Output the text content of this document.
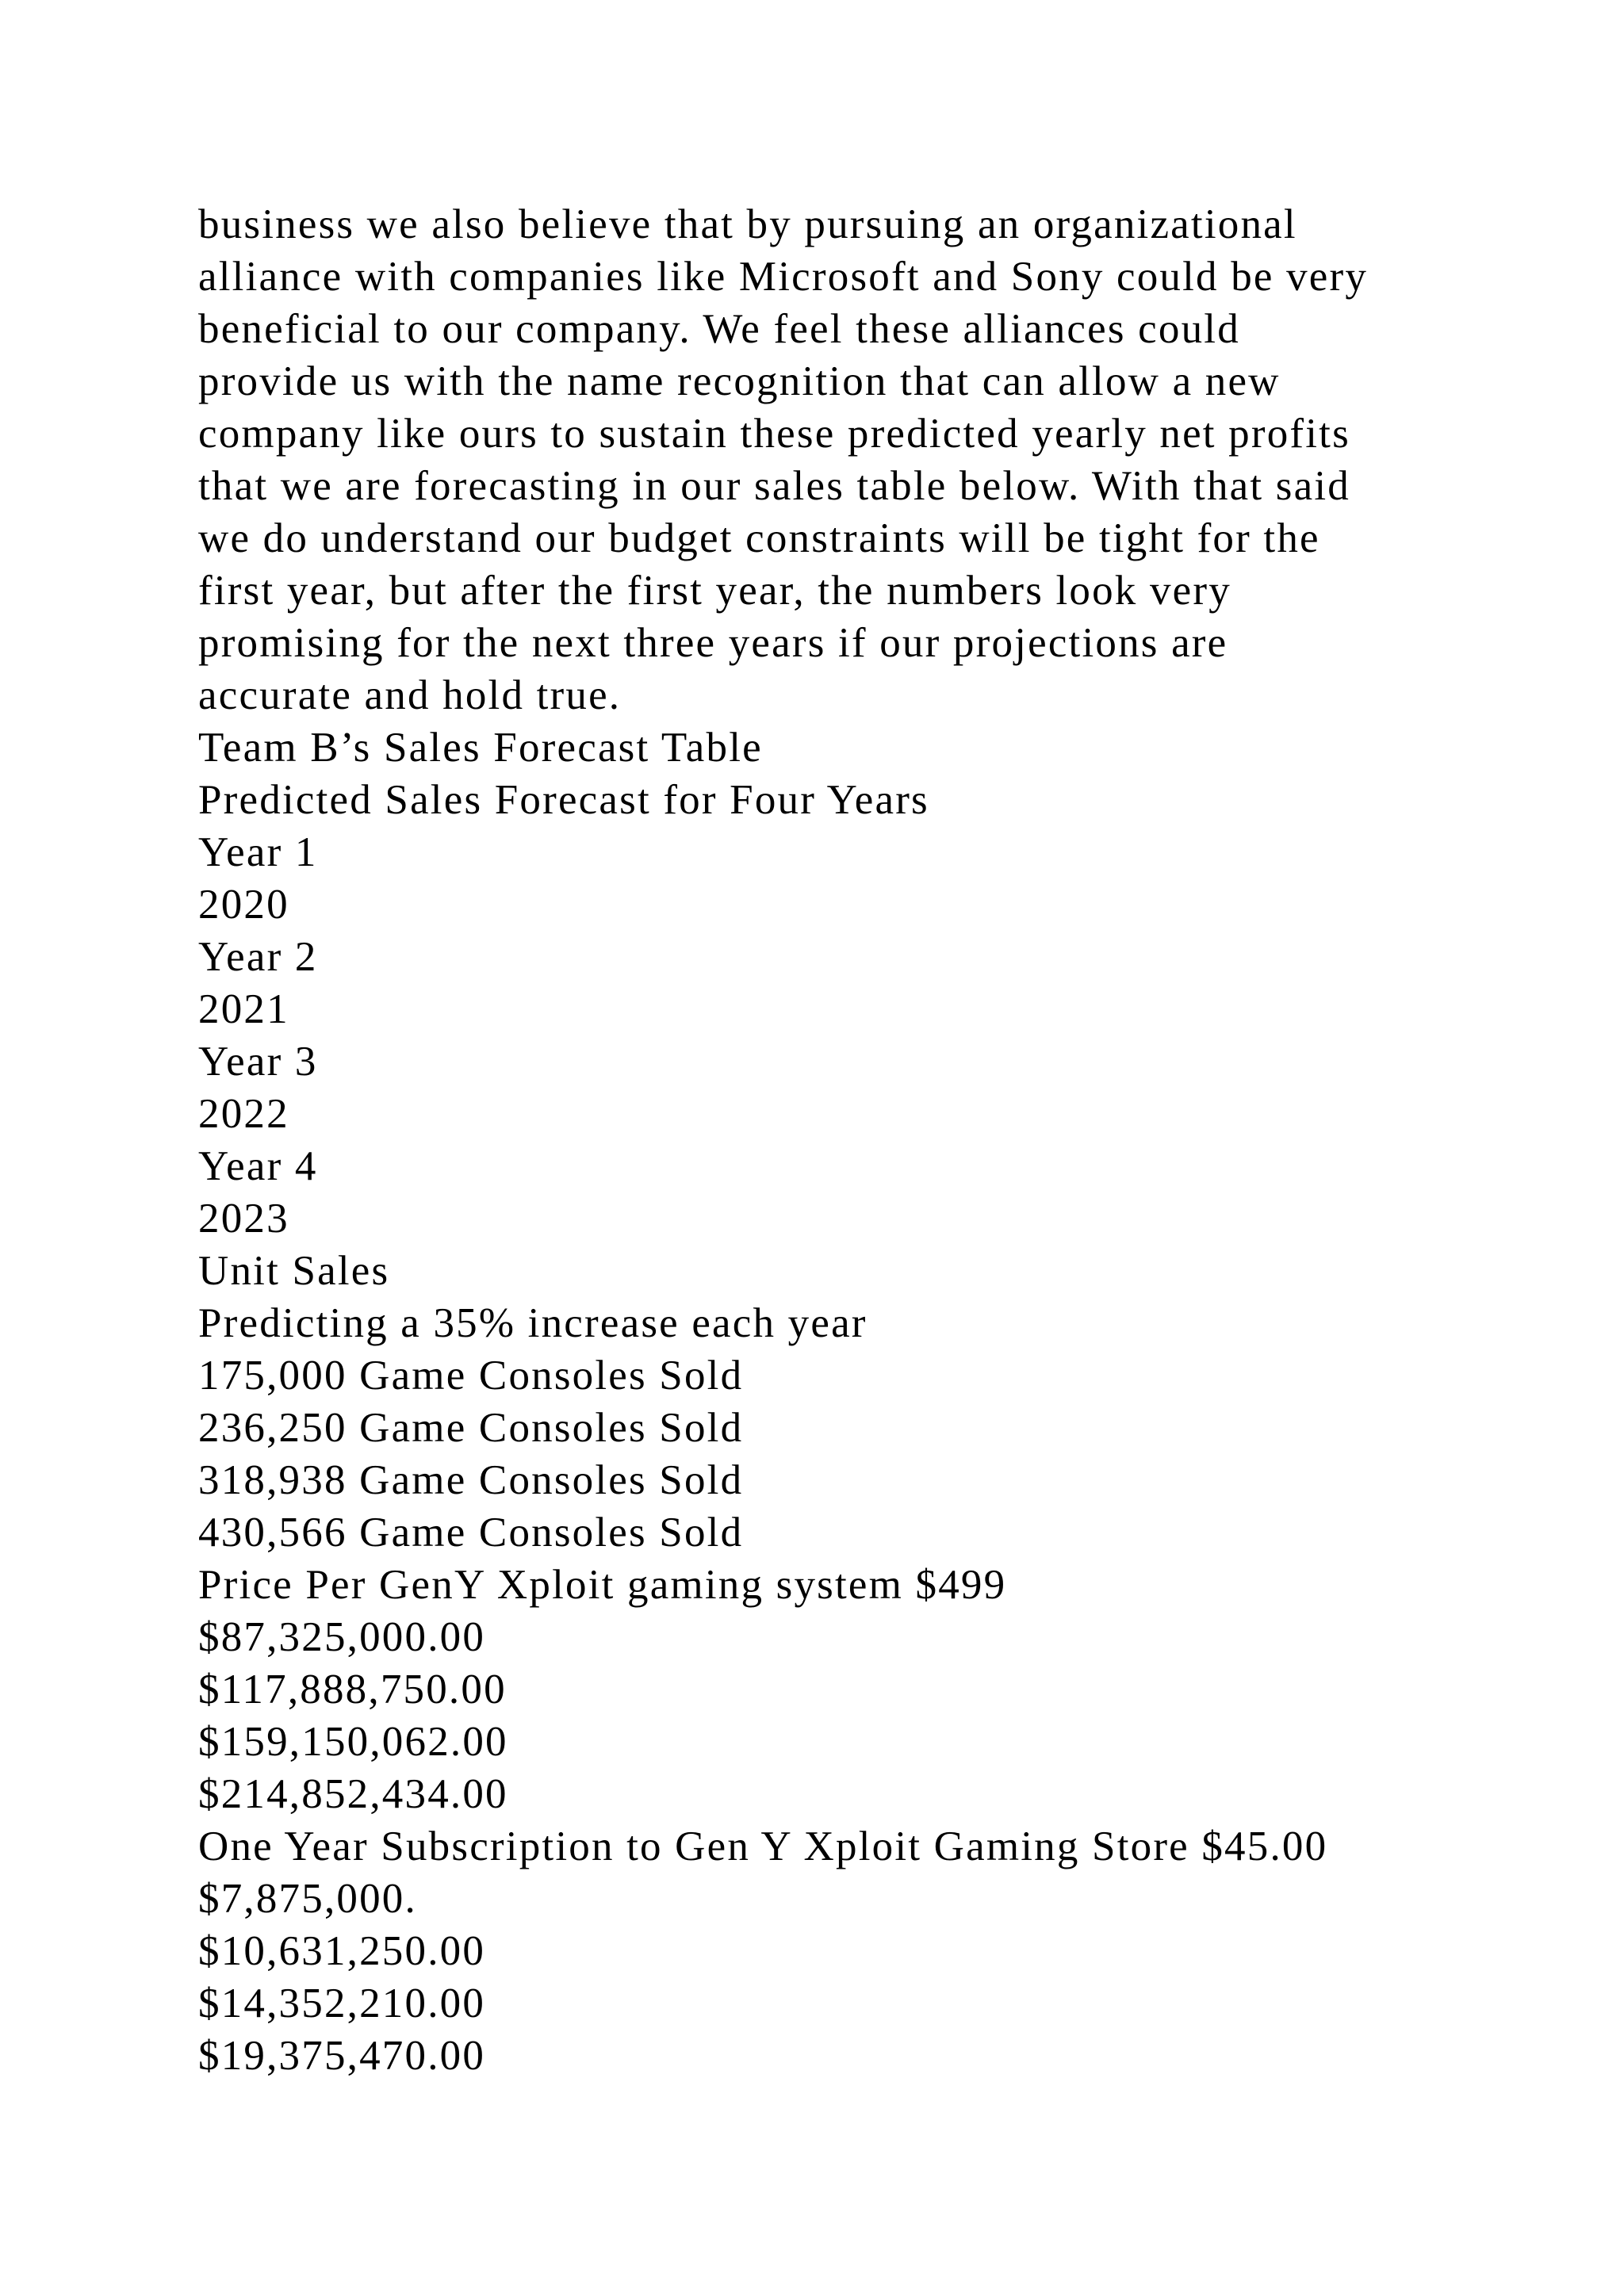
business we also believe that by pursuing an organizational
alliance with companies like Microsoft and Sony could be very
beneficial to our company. We feel these alliances could
provide us with the name recognition that can allow a new
company like ours to sustain these predicted yearly net profits
that we are forecasting in our sales table below. With that said
we do understand our budget constraints will be tight for the
first year, but after the first year, the numbers look very
promising for the next three years if our projections are
accurate and hold true.
Team B’s Sales Forecast Table
Predicted Sales Forecast for Four Years
Year 1
2020
Year 2
2021
Year 3
2022
Year 4
2023
Unit Sales
Predicting a 35% increase each year
175,000 Game Consoles Sold
236,250 Game Consoles Sold
318,938 Game Consoles Sold
430,566 Game Consoles Sold
Price Per GenY Xploit gaming system $499
$87,325,000.00
$117,888,750.00
$159,150,062.00
$214,852,434.00
One Year Subscription to Gen Y Xploit Gaming Store $45.00
$7,875,000.
$10,631,250.00
$14,352,210.00
$19,375,470.00
